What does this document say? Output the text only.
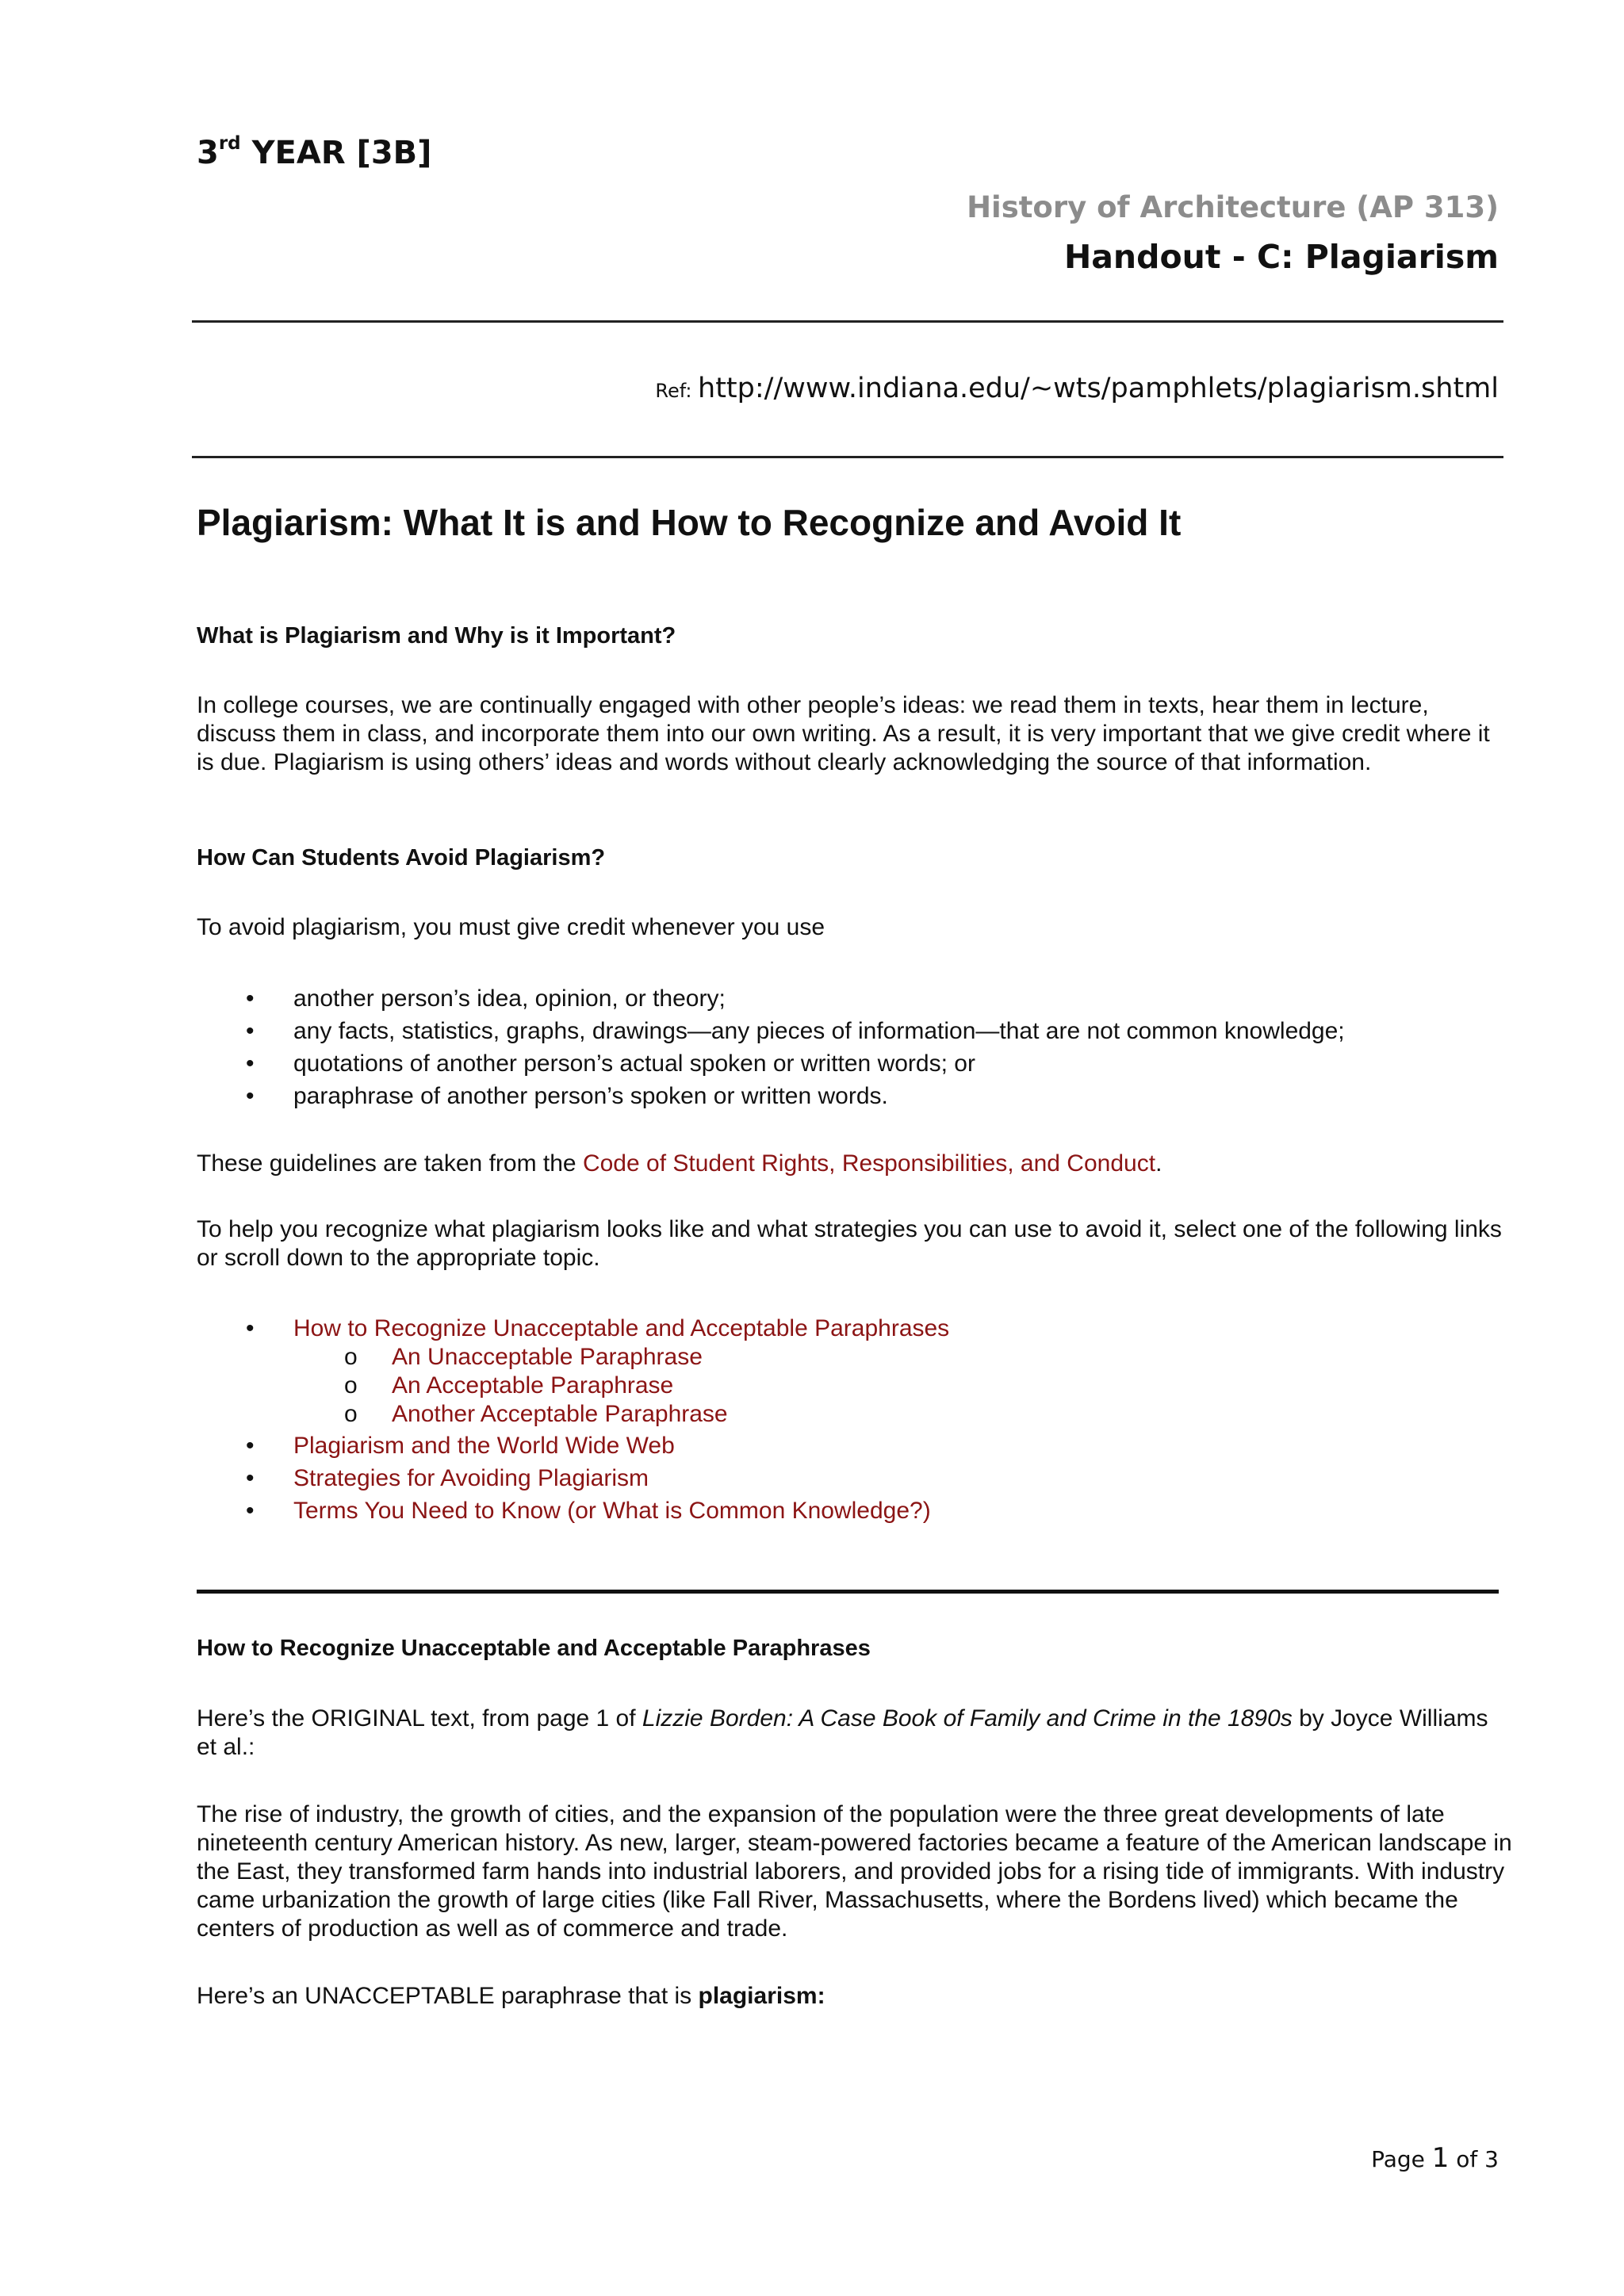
3rd YEAR [3B]
History of Architecture (AP 313)
Handout - C: Plagiarism
Ref: http://www.indiana.edu/~wts/pamphlets/plagiarism.shtml
Plagiarism: What It is and How to Recognize and Avoid It
What is Plagiarism and Why is it Important?
In college courses, we are continually engaged with other people’s ideas: we read them in texts, hear them in lecture, discuss them in class, and incorporate them into our own writing. As a result, it is very important that we give credit where it is due. Plagiarism is using others’ ideas and words without clearly acknowledging the source of that information.
How Can Students Avoid Plagiarism?
To avoid plagiarism, you must give credit whenever you use
• another person’s idea, opinion, or theory;
• any facts, statistics, graphs, drawings—any pieces of information—that are not common knowledge;
• quotations of another person’s actual spoken or written words; or
• paraphrase of another person’s spoken or written words.
These guidelines are taken from the Code of Student Rights, Responsibilities, and Conduct.
To help you recognize what plagiarism looks like and what strategies you can use to avoid it, select one of the following links or scroll down to the appropriate topic.
• How to Recognize Unacceptable and Acceptable Paraphrases
o An Unacceptable Paraphrase
o An Acceptable Paraphrase
o Another Acceptable Paraphrase
• Plagiarism and the World Wide Web
• Strategies for Avoiding Plagiarism
• Terms You Need to Know (or What is Common Knowledge?)
How to Recognize Unacceptable and Acceptable Paraphrases
Here’s the ORIGINAL text, from page 1 of Lizzie Borden: A Case Book of Family and Crime in the 1890s by Joyce Williams et al.:
The rise of industry, the growth of cities, and the expansion of the population were the three great developments of late nineteenth century American history. As new, larger, steam-powered factories became a feature of the American landscape in the East, they transformed farm hands into industrial laborers, and provided jobs for a rising tide of immigrants. With industry came urbanization the growth of large cities (like Fall River, Massachusetts, where the Bordens lived) which became the centers of production as well as of commerce and trade.
Here’s an UNACCEPTABLE paraphrase that is plagiarism:
Page 1 of 3
